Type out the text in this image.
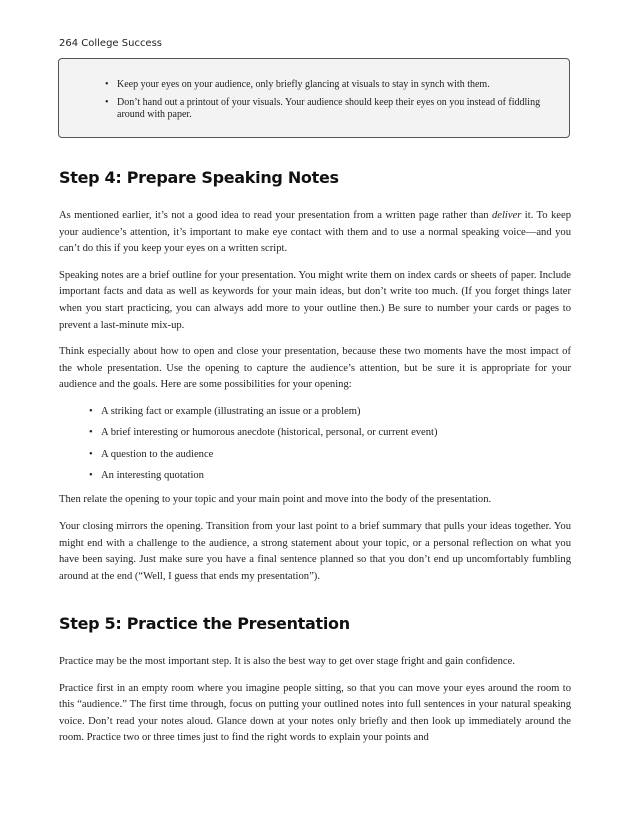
264 College Success
• Keep your eyes on your audience, only briefly glancing at visuals to stay in synch with them.
• Don’t hand out a printout of your visuals. Your audience should keep their eyes on you instead of fiddling around with paper.
Step 4: Prepare Speaking Notes

As mentioned earlier, it’s not a good idea to read your presentation from a written page rather than deliver it. To keep your audience’s attention, it’s important to make eye contact with them and to use a normal speaking voice—and you can’t do this if you keep your eyes on a written script.

Speaking notes are a brief outline for your presentation. You might write them on index cards or sheets of paper. Include important facts and data as well as keywords for your main ideas, but don’t write too much. (If you forget things later when you start practicing, you can always add more to your outline then.) Be sure to number your cards or pages to prevent a last-minute mix-up.

Think especially about how to open and close your presentation, because these two moments have the most impact of the whole presentation. Use the opening to capture the audience’s attention, but be sure it is appropriate for your audience and the goals. Here are some possibilities for your opening:

• A striking fact or example (illustrating an issue or a problem)
• A brief interesting or humorous anecdote (historical, personal, or current event)
• A question to the audience
• An interesting quotation

Then relate the opening to your topic and your main point and move into the body of the presentation.

Your closing mirrors the opening. Transition from your last point to a brief summary that pulls your ideas together. You might end with a challenge to the audience, a strong statement about your topic, or a personal reflection on what you have been saying. Just make sure you have a final sentence planned so that you don’t end up uncomfortably fumbling around at the end (“Well, I guess that ends my presentation”).

Step 5: Practice the Presentation

Practice may be the most important step. It is also the best way to get over stage fright and gain confidence.

Practice first in an empty room where you imagine people sitting, so that you can move your eyes around the room to this “audience.” The first time through, focus on putting your outlined notes into full sentences in your natural speaking voice. Don’t read your notes aloud. Glance down at your notes only briefly and then look up immediately around the room. Practice two or three times just to find the right words to explain your points and
